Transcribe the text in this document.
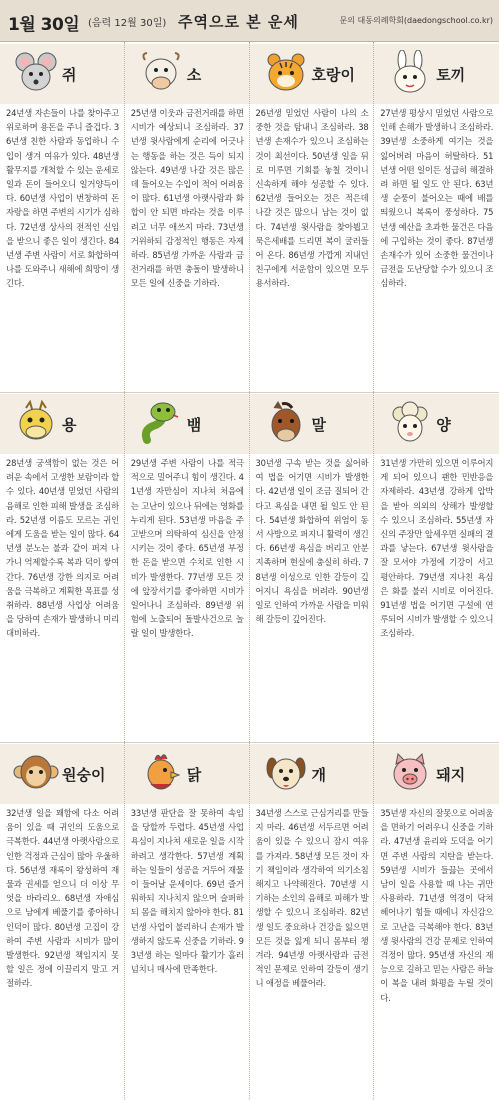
1월 30일 (음력 12월 30일) 주역으로 본 운세	문의 대동의례학회(daedongschool.co.kr)
쥐
24년생 자손들이 나를 찾아주고 위로하며 용돈을 주니 즐겁다. 36년생 친한 사람과 동업하니 수입이 생겨 여유가 있다. 48년생 활무지를 개척할 수 있는 운세로 일과 돈이 들어오니 일거양득이다. 60년생 사업이 번창하여 돈 자랑을 하면 주변의 시기가 심하다. 72년생 상사의 전적인 신임을 받으니 좋은 일이 생긴다. 84년생 주변 사람이 서로 화합하여 나를 도와주니 새해에 희망이 생긴다.
소
25년생 이웃과 금전거래를 하면 시비가 예상되니 조심하라. 37년생 윗사람에게 순리에 어긋나는 행동을 하는 것은 득이 되지 않는다. 49년생 나갈 것은 많은데 들어오는 수입이 적어 어려움이 많다. 61년생 아랫사람과 화합이 안 되면 바라는 것을 이루려고 너무 애쓰지 마라. 73년생 거위하되 감정적인 행동은 자제하라. 85년생 가까운 사람과 금전거래를 하면 충돌이 발생하니 모든 일에 신중을 기하라.
호랑이
26년생 믿었던 사람이 나의 소중한 것을 탐내니 조심하라. 38년생 손재수가 있으니 조심하는 것이 최선이다. 50년생 일을 뒤로 미루면 기회를 놓칠 것이니 신속하게 해야 성공할 수 있다. 62년생 들어오는 것은 적은데 나갈 것은 많으니 남는 것이 없다. 74년생 윗사람을 찾아뵙고 묵은세배를 드리면 복이 굴러들어 온다. 86년생 가깝게 지내던 친구에게 서운함이 있으면 모두 용서하라.
토끼
27년생 평상시 믿었던 사람으로 인해 손해가 발생하니 조심하라. 39년생 소중하게 여기는 것을 잃어버려 마음이 허탈하다. 51년생 어떤 일이든 성급히 해결하려 하면 될 일도 안 된다. 63년생 순풍이 불어오는 때에 배를 띄웠으니 복록이 풍성하다. 75년생 예산을 초과한 물건은 다음에 구입하는 것이 좋다. 87년생 손재수가 있어 소중한 물건이나 금전을 도난당할 수가 있으니 조심하라.
용
28년생 궁색함이 없는 것은 어려운 속에서 고생한 보람이라 할 수 있다. 40년생 믿었던 사람의 음해로 인한 피해 발생을 조심하라. 52년생 이름도 모르는 귀인에게 도움을 받는 일이 많다. 64년생 분노는 불과 같이 퍼져 나가니 억제할수록 복과 덕이 쌓여 간다. 76년생 강한 의지로 어려움을 극복하고 계획한 목표를 성취하라. 88년생 사업상 어려움을 당하여 손재가 발생하니 미리 대비하라.
뱀
29년생 주변 사람이 나를 적극적으로 밀어주니 힘이 생긴다. 41년생 자만심이 지나쳐 처음에는 고난이 있으나 뒤에는 영화를 누리게 된다. 53년생 마음을 주고받으며 의탁하여 심신을 안정시키는 것이 좋다. 65년생 부정한 돈을 받으면 수치로 인한 시비가 발생한다. 77년생 모든 것에 앞장서기를 좋아하면 시비가 일어나니 조심하라. 89년생 위험에 노출되어 돌발사건으로 놀랄 일이 발생한다.
말
30년생 구속 받는 것을 싫어하여 법을 어기면 시비가 발생한다. 42년생 일이 조금 질되어 간다고 욕심을 내면 될 일도 안 된다. 54년생 화합하여 위엄이 동서 사방으로 퍼지니 활력이 생긴다. 66년생 욕심을 버리고 안분지족하며 현실에 충실히 하라. 78년생 이성으로 인한 갈등이 깊어지니 욕심을 버려라. 90년생 일로 인하여 가까운 사람을 미워해 갈등이 깊어진다.
양
31년생 가만히 있으면 이루어지게 되어 있으니 괜한 민반응을 자제하라. 43년생 강하게 압박을 받아 의외의 상해가 발생할 수 있으니 조심하라. 55년생 자신의 주장만 앞세우면 실패의 결과를 낳는다. 67년생 윗사람을 잘 모셔야 가정에 기강이 서고 평안하다. 79년생 지나친 욕심은 화를 불러 시비로 이어진다. 91년생 법을 어기면 구설에 연루되어 시비가 발생할 수 있으니 조심하라.
원숭이
32년생 일을 꽤함에 다소 어려움이 있을 때 귀인의 도움으로 극복한다. 44년생 아랫사람으로 인한 걱정과 근심이 많아 우울하다. 56년생 재록이 왕성하여 재물과 권세를 얻으니 더 이상 무엇을 바라리오. 68년생 자애심으로 남에게 베풀기를 좋아하니 인덕이 많다. 80년생 고집이 강하여 주변 사람과 시비가 많이 발생한다. 92년생 책임지지 못할 일은 정에 이끌리지 말고 거절하라.
닭
33년생 판단을 잘 못하여 속임을 당할까 두렵다. 45년생 사업 욕심이 지나쳐 새로운 일을 시작하려고 생각한다. 57년생 계획하는 일들이 성공을 거두어 재물이 들어날 운세이다. 69년 즐거워하되 지나치지 않으며 슬퍼하되 몸을 해치지 않아야 한다. 81년생 사업이 불리하니 손재가 발생하지 않도록 신중을 기하라. 93년생 하는 일마다 활기가 흘러넘치니 매사에 만족한다.
개
34년생 스스로 근심거리를 만들지 마라. 46년생 서두르면 어려움이 있을 수 있으니 잠시 여유를 가져라. 58년생 모든 것이 자기 책임이라 생각하여 의기소침해지고 나약해진다. 70년생 시기하는 소인의 음해로 피해가 발생할 수 있으니 조심하라. 82년생 일도 중요하나 건강을 잃으면 모든 것을 잃게 되니 몸부터 챙겨라. 94년생 아랫사람과 금전적인 문제로 인하여 갈등이 생기니 애정을 베풀어라.
돼지
35년생 자신의 잘못으로 어려움을 면하기 어려우니 신중을 기하라. 47년생 윤리와 도덕을 어기면 주변 사람의 지탄을 받는다. 59년생 시비가 들끓는 곳에서 남이 일을 사용할 때 나는 귀만 사용하라. 71년생 역경이 닥쳐 헤어나기 힘들 때에니 자신감으로 고난을 극복해야 한다. 83년생 윗사람의 건강 문제로 인하여 걱정이 많다. 95년생 자신의 재능으로 길하고 믿는 사람은 하늘이 복을 내려 화평을 누릴 것이다.
